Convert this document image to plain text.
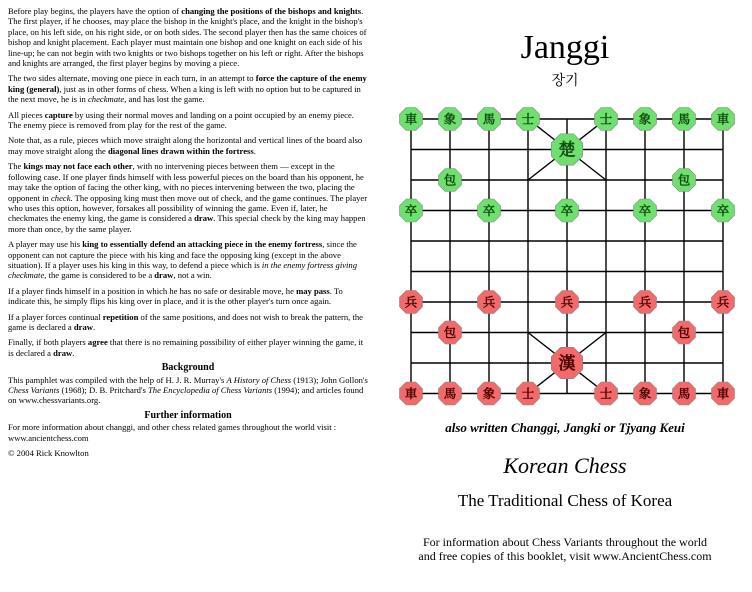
Before play begins, the players have the option of changing the positions of the bishops and knights. The first player, if he chooses, may place the bishop in the knight's place, and the knight in the bishop's place, on his left side, on his right side, or on both sides. The second player then has the same choices of bishop and knight placement. Each player must maintain one bishop and one knight on each side of his line-up; he can not begin with two knights or two bishops together on his left or right. After the bishops and knights are arranged, the first player begins by moving a piece.

The two sides alternate, moving one piece in each turn, in an attempt to force the capture of the enemy king (general), just as in other forms of chess. When a king is left with no option but to be captured in the next move, he is in checkmate, and has lost the game.

All pieces capture by using their normal moves and landing on a point occupied by an enemy piece. The enemy piece is removed from play for the rest of the game.

Note that, as a rule, pieces which move straight along the horizontal and vertical lines of the board also may move straight along the diagonal lines drawn within the fortress.

The kings may not face each other, with no intervening pieces between them — except in the following case. If one player finds himself with less powerful pieces on the board than his opponent, he may take the option of facing the other king, with no pieces intervening between the two, placing the opponent in check. The opposing king must then move out of check, and the game continues. The player who uses this option, however, forsakes all possibility of winning the game. Even if, later, he checkmates the enemy king, the game is considered a draw. This special check by the king may happen more than once, by the same player.

A player may use his king to essentially defend an attacking piece in the enemy fortress, since the opponent can not capture the piece with his king and face the opposing king (except in the above situation). If a player uses his king in this way, to defend a piece which is in the enemy fortress giving checkmate, the game is considered to be a draw, not a win.

If a player finds himself in a position in which he has no safe or desirable move, he may pass. To indicate this, he simply flips his king over in place, and it is the other player's turn once again.

If a player forces continual repetition of the same positions, and does not wish to break the pattern, the game is declared a draw.

Finally, if both players agree that there is no remaining possibility of either player winning the game, it is declared a draw.

Background

This pamphlet was compiled with the help of H. J. R. Murray's A History of Chess (1913); John Gollon's Chess Variants (1968); D. B. Pritchard's The Encyclopedia of Chess Variants (1994); and articles found on www.chessvariants.org.

Further information

For more information about changgi, and other chess related games throughout the world visit : www.ancientchess.com

© 2004 Rick Knowlton

Janggi
장기
車 象 馬 士	士 象 馬 車
楚
包	包
卒	卒	卒	卒	卒
兵	兵	兵	兵	兵
包	包
漢
車 馬 象 士	士 象 馬 車
also written Changgi, Jangki or Tjyang Keui
Korean Chess
The Traditional Chess of Korea
For information about Chess Variants throughout the world
and free copies of this booklet, visit www.AncientChess.com
